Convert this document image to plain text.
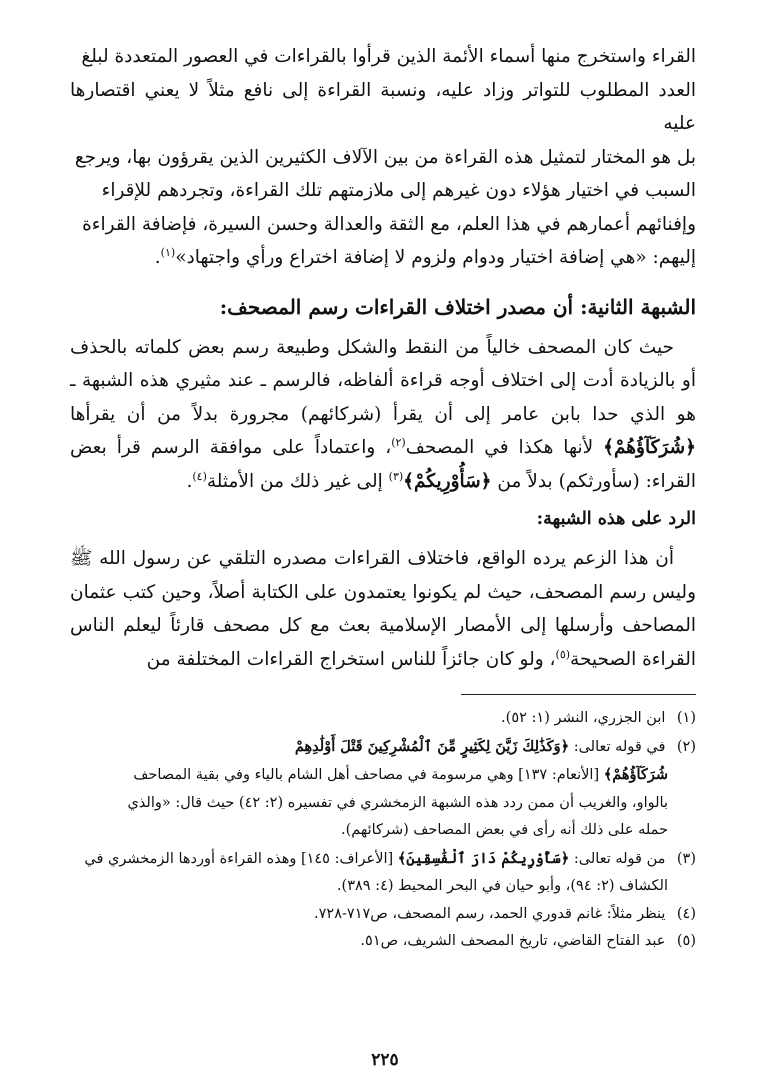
القراء واستخرج منها أسماء الأئمة الذين قرأوا بالقراءات في العصور المتعددة لبلغ

العدد المطلوب للتواتر وزاد عليه، ونسبة القراءة إلى نافع مثلاً لا يعني اقتصارها عليه

بل هو المختار لتمثيل هذه القراءة من بين الآلاف الكثيرين الذين يقرؤون بها، ويرجع

السبب في اختيار هؤلاء دون غيرهم إلى ملازمتهم تلك القراءة، وتجردهم للإقراء

وإفنائهم أعمارهم في هذا العلم، مع الثقة والعدالة وحسن السيرة، فإضافة القراءة

إليهم: «هي إضافة اختيار ودوام ولزوم لا إضافة اختراع ورأي واجتهاد»$^{(١)}$.

الشبهة الثانية: أن مصدر اختلاف القراءات رسم المصحف:

حيث كان المصحف خالياً من النقط والشكل وطبيعة رسم بعض كلماته بالحذف أو بالزيادة أدت إلى اختلاف أوجه قراءة ألفاظه، فالرسم ـ عند مثيري هذه الشبهة ـ هو الذي حدا بابن عامر إلى أن يقرأ (شركائهم) مجرورة بدلاً من أن يقرأها ﴿شُرَكَآؤُهُمْ﴾ لأنها هكذا في المصحف$^{(٢)}$، واعتماداً على موافقة الرسم قرأ بعض القراء: (سأورثكم) بدلاً من ﴿سَأُوْرِيكُمْ﴾$^{(٣)}$ إلى غير ذلك من الأمثلة$^{(٤)}$.

الرد على هذه الشبهة:

أن هذا الزعم يرده الواقع، فاختلاف القراءات مصدره التلقي عن رسول الله ﷺ وليس رسم المصحف، حيث لم يكونوا يعتمدون على الكتابة أصلاً، وحين كتب عثمان المصاحف وأرسلها إلى الأمصار الإسلامية بعث مع كل مصحف قارئاً ليعلم الناس القراءة الصحيحة$^{(٥)}$، ولو كان جائزاً للناس استخراج القراءات المختلفة من

(١) ابن الجزري، النشر (١: ٥٢).

(٢) في قوله تعالى: ﴿وَكَذَٰلِكَ زَيَّنَ لِكَثِيرٍ مِّنَ ٱلْمُشْرِكِينَ قَتْلَ أَوْلَٰدِهِمْ

شُرَكَآؤُهُمْ﴾ [الأنعام: ١٣٧] وهي مرسومة في مصاحف أهل الشام بالياء وفي بقية المصاحف

بالواو، والغريب أن ممن ردد هذه الشبهة الزمخشري في تفسيره (٢: ٤٢) حيث قال: «والذي

حمله على ذلك أنه رأى في بعض المصاحف (شركائهم).

(٣) من قوله تعالى: ﴿سَأُوْرِيكُمْ دَارَ ٱلْفَٰسِقِينَ﴾ [الأعراف: ١٤٥] وهذه القراءة أوردها الزمخشري في

الكشاف (٢: ٩٤)، وأبو حيان في البحر المحيط (٤: ٣٨٩).

(٤) ينظر مثلاً: غانم قدوري الحمد، رسم المصحف، ص٧١٧-٧٢٨.

(٥) عبد الفتاح القاضي، تاريخ المصحف الشريف، ص٥١.

٢٢٥
